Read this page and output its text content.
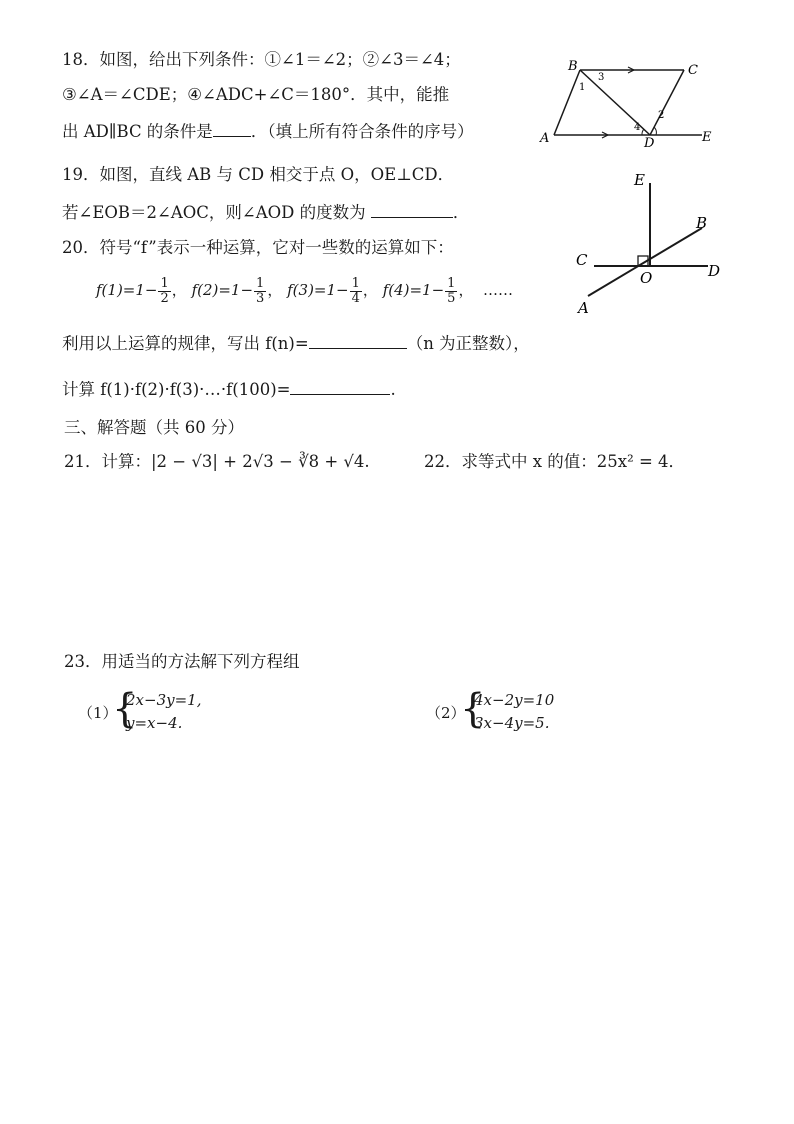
18．如图，给出下列条件：①∠1＝∠2；②∠3＝∠4；
③∠A＝∠CDE；④∠ADC+∠C＝180°．其中，能推
出 AD∥BC 的条件是 ．（填上所有符合条件的序号）
B	C
A	D	E
1
3
2
4
19．如图，直线 AB 与 CD 相交于点 O，OE⊥CD．
若∠EOB＝2∠AOC，则∠AOD 的度数为	．
E
B
C
O	D
A
20．符号“f”表示一种运算，它对一些数的运算如下：
$f(1)=1- \frac{1}{2}$ ， $f(2)=1- \frac{1}{3}$ ， $f(3)=1- \frac{1}{4}$ ， $f(4)=1- \frac{1}{5}$ ， ……
利用以上运算的规律，写出 f(n)=	（n 为正整数），
计算 f(1)·f(2)·f(3)·…·f(100)=	.
三、解答题（共 60 分）
21．计算：|2 − √3| + 2√3 − ∛8 + √4.	22．求等式中 x 的值：25x² = 4．
23．用适当的方法解下列方程组
（1）
{
2x−3y=1,
y=x−4.
（2）
{
4x−2y=10
3x−4y=5.
